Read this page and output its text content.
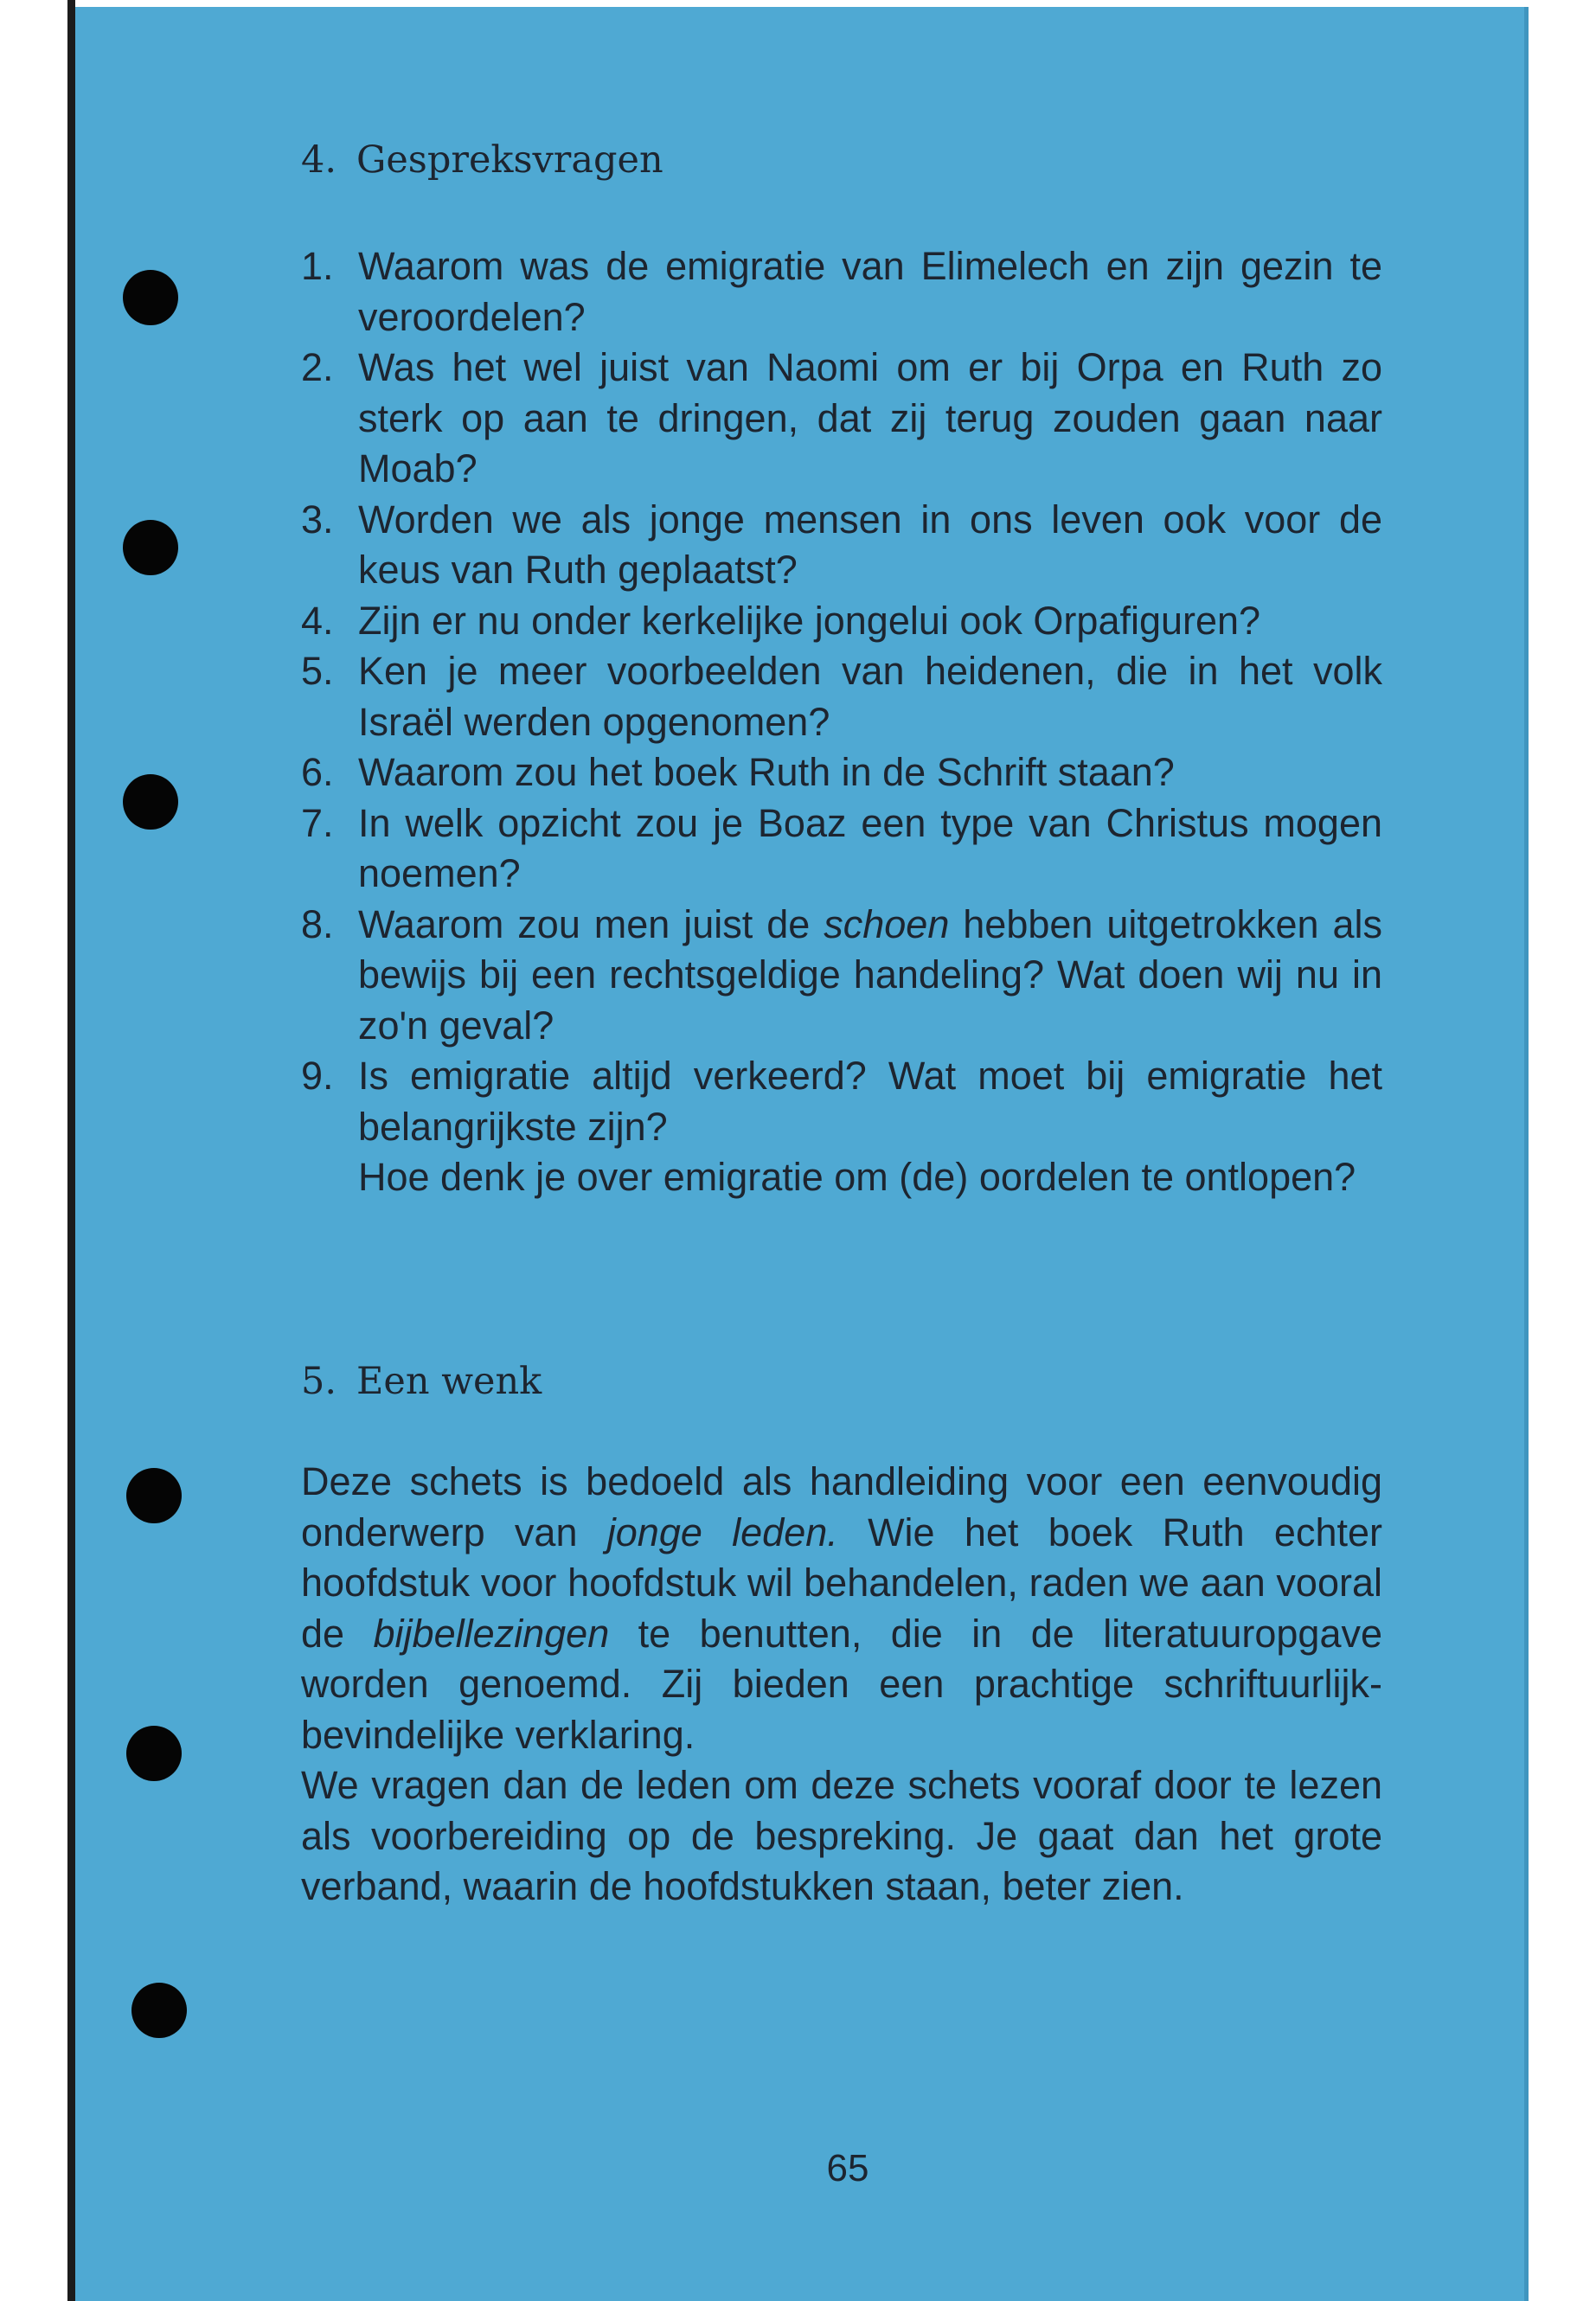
4. Gespreksvragen
1. Waarom was de emigratie van Elimelech en zijn gezin te veroordelen?
2. Was het wel juist van Naomi om er bij Orpa en Ruth zo sterk op aan te dringen, dat zij terug zouden gaan naar Moab?
3. Worden we als jonge mensen in ons leven ook voor de keus van Ruth geplaatst?
4. Zijn er nu onder kerkelijke jongelui ook Orpafiguren?
5. Ken je meer voorbeelden van heidenen, die in het volk Israël werden opgenomen?
6. Waarom zou het boek Ruth in de Schrift staan?
7. In welk opzicht zou je Boaz een type van Christus mogen noemen?
8. Waarom zou men juist de schoen hebben uitgetrokken als bewijs bij een rechtsgeldige handeling? Wat doen wij nu in zo'n geval?
9. Is emigratie altijd verkeerd? Wat moet bij emigratie het belangrijkste zijn?

Hoe denk je over emigratie om (de) oordelen te ontlopen?

5. Een wenk

Deze schets is bedoeld als handleiding voor een eenvoudig onderwerp van jonge leden. Wie het boek Ruth echter hoofdstuk voor hoofdstuk wil behandelen, raden we aan vooral de bijbellezingen te benutten, die in de literatuuropgave worden genoemd. Zij bieden een prachtige schriftuurlijk-bevindelijke verklaring.

We vragen dan de leden om deze schets vooraf door te lezen als voorbereiding op de bespreking. Je gaat dan het grote verband, waarin de hoofdstukken staan, beter zien.

65
